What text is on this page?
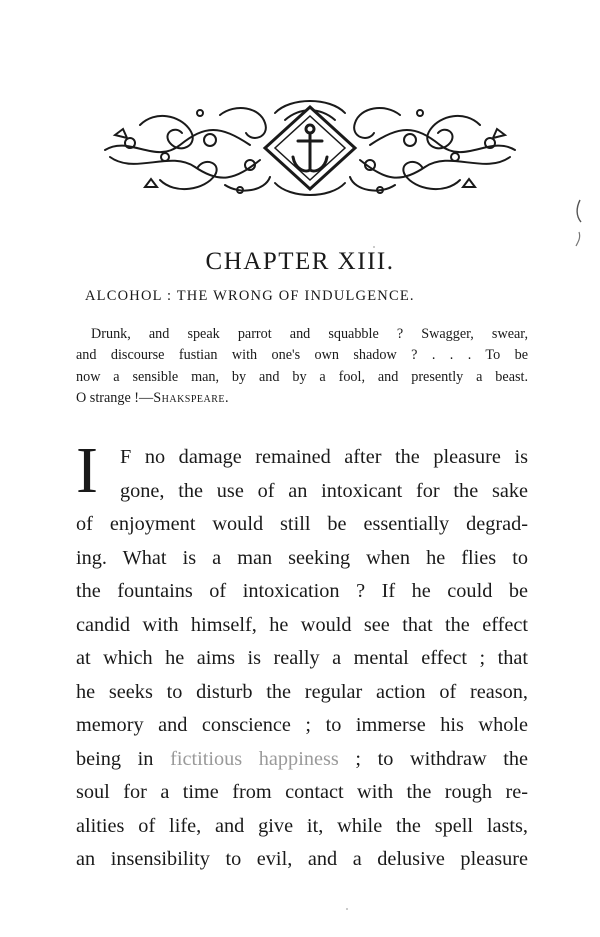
CHAPTER XIII.
ALCOHOL : THE WRONG OF INDULGENCE.
Drunk, and speak parrot and squabble ? Swagger, swear,
and discourse fustian with one's own shadow ? . . . To be
now a sensible man, by and by a fool, and presently a beast.
O strange !—Shakspeare.
I	F no damage remained after the pleasure is
gone, the use of an intoxicant for the sake
of enjoyment would still be essentially degrad-
ing. What is a man seeking when he flies to
the fountains of intoxication ? If he could be
candid with himself, he would see that the effect
at which he aims is really a mental effect ; that
he seeks to disturb the regular action of reason,
memory and conscience ; to immerse his whole
being in fictitious happiness ; to withdraw the
soul for a time from contact with the rough re-
alities of life, and give it, while the spell lasts,
an insensibility to evil, and a delusive pleasure
